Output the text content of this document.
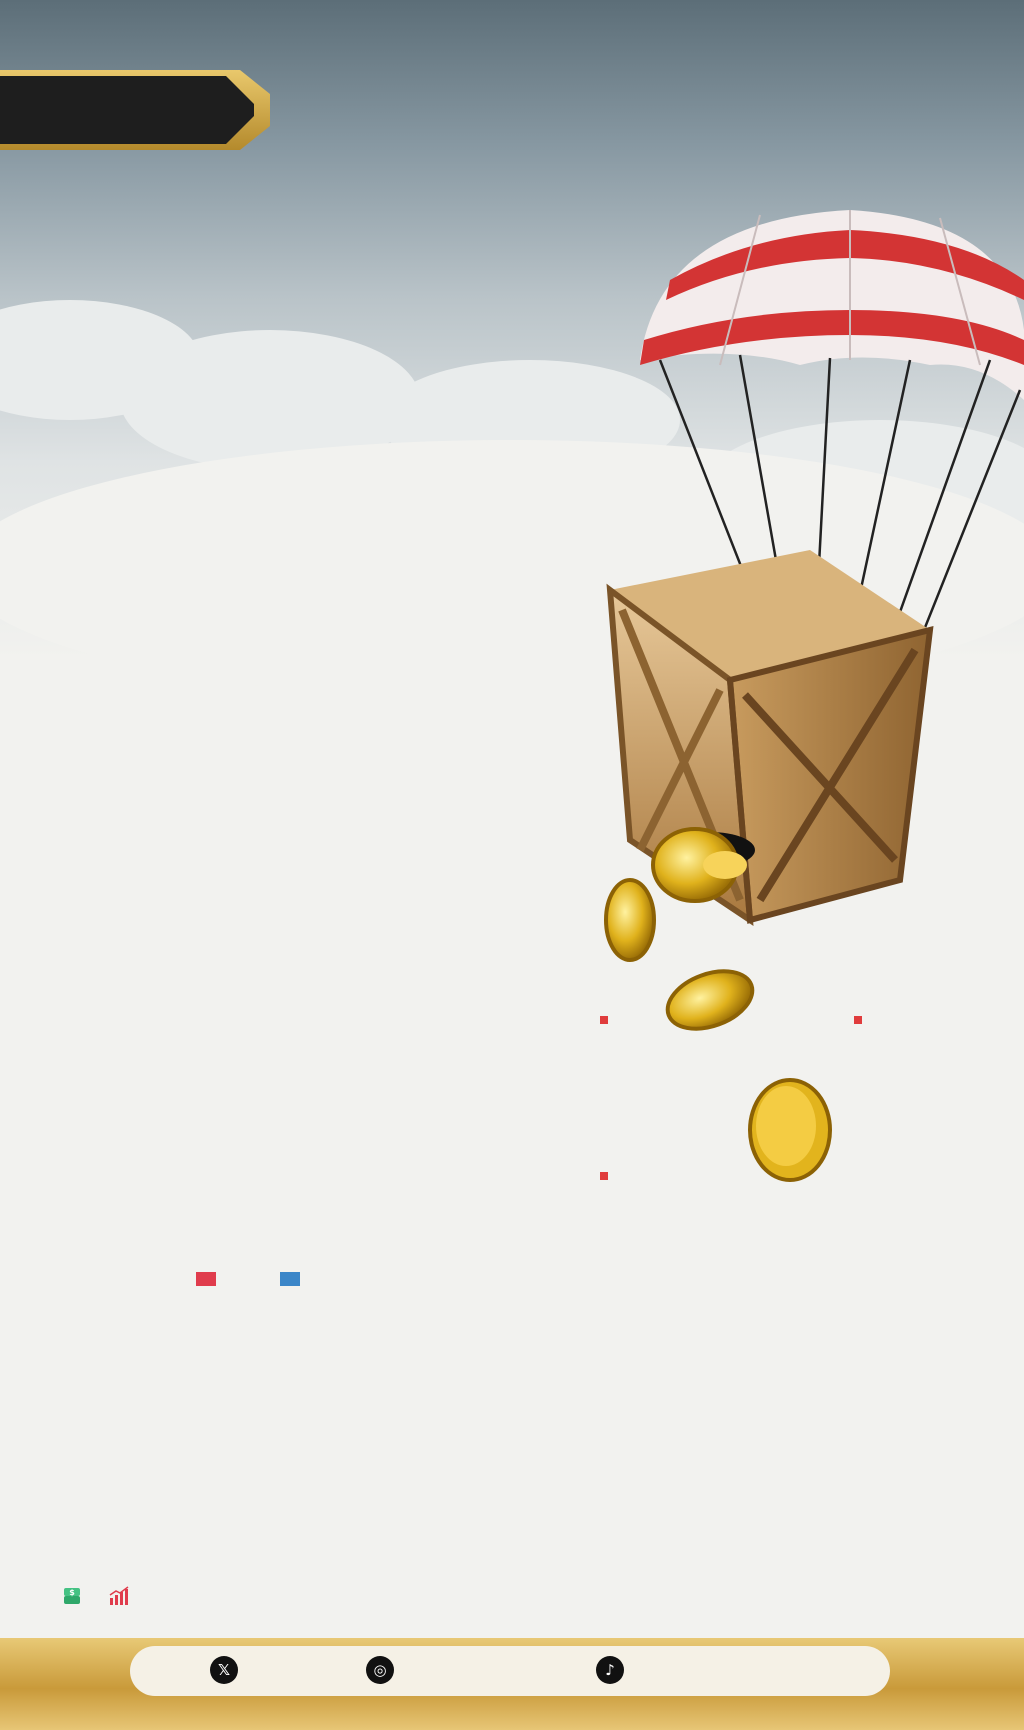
$
𝕏	◎	♪
